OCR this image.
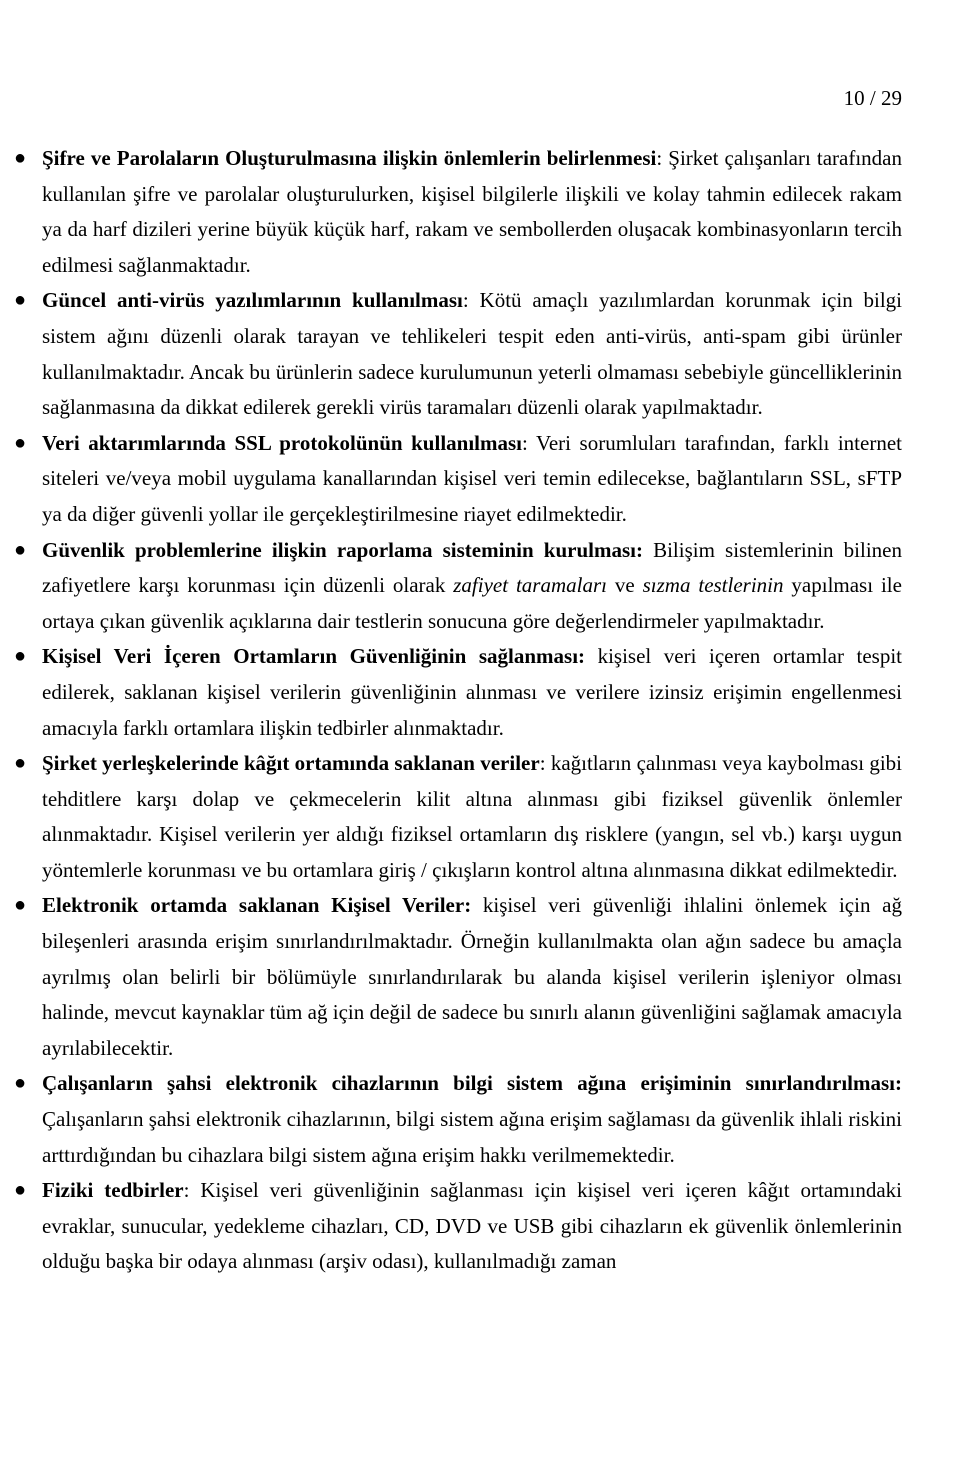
10 / 29
● Şifre ve Parolaların Oluşturulmasına ilişkin önlemlerin belirlenmesi: Şirket çalışanları tarafından kullanılan şifre ve parolalar oluşturulurken, kişisel bilgilerle ilişkili ve kolay tahmin edilecek rakam ya da harf dizileri yerine büyük küçük harf, rakam ve sembollerden oluşacak kombinasyonların tercih edilmesi sağlanmaktadır.
● Güncel anti-virüs yazılımlarının kullanılması: Kötü amaçlı yazılımlardan korunmak için bilgi sistem ağını düzenli olarak tarayan ve tehlikeleri tespit eden anti-virüs, anti-spam gibi ürünler kullanılmaktadır. Ancak bu ürünlerin sadece kurulumunun yeterli olmaması sebebiyle güncelliklerinin sağlanmasına da dikkat edilerek gerekli virüs taramaları düzenli olarak yapılmaktadır.
● Veri aktarımlarında SSL protokolünün kullanılması: Veri sorumluları tarafından, farklı internet siteleri ve/veya mobil uygulama kanallarından kişisel veri temin edilecekse, bağlantıların SSL, sFTP ya da diğer güvenli yollar ile gerçekleştirilmesine riayet edilmektedir.
● Güvenlik problemlerine ilişkin raporlama sisteminin kurulması: Bilişim sistemlerinin bilinen zafiyetlere karşı korunması için düzenli olarak zafiyet taramaları ve sızma testlerinin yapılması ile ortaya çıkan güvenlik açıklarına dair testlerin sonucuna göre değerlendirmeler yapılmaktadır.
● Kişisel Veri İçeren Ortamların Güvenliğinin sağlanması: kişisel veri içeren ortamlar tespit edilerek, saklanan kişisel verilerin güvenliğinin alınması ve verilere izinsiz erişimin engellenmesi amacıyla farklı ortamlara ilişkin tedbirler alınmaktadır.
● Şirket yerleşkelerinde kâğıt ortamında saklanan veriler: kağıtların çalınması veya kaybolması gibi tehditlere karşı dolap ve çekmecelerin kilit altına alınması gibi fiziksel güvenlik önlemler alınmaktadır. Kişisel verilerin yer aldığı fiziksel ortamların dış risklere (yangın, sel vb.) karşı uygun yöntemlerle korunması ve bu ortamlara giriş / çıkışların kontrol altına alınmasına dikkat edilmektedir.
● Elektronik ortamda saklanan Kişisel Veriler: kişisel veri güvenliği ihlalini önlemek için ağ bileşenleri arasında erişim sınırlandırılmaktadır. Örneğin kullanılmakta olan ağın sadece bu amaçla ayrılmış olan belirli bir bölümüyle sınırlandırılarak bu alanda kişisel verilerin işleniyor olması halinde, mevcut kaynaklar tüm ağ için değil de sadece bu sınırlı alanın güvenliğini sağlamak amacıyla ayrılabilecektir.
● Çalışanların şahsi elektronik cihazlarının bilgi sistem ağına erişiminin sınırlandırılması: Çalışanların şahsi elektronik cihazlarının, bilgi sistem ağına erişim sağlaması da güvenlik ihlali riskini arttırdığından bu cihazlara bilgi sistem ağına erişim hakkı verilmemektedir.
● Fiziki tedbirler: Kişisel veri güvenliğinin sağlanması için kişisel veri içeren kâğıt ortamındaki evraklar, sunucular, yedekleme cihazları, CD, DVD ve USB gibi cihazların ek güvenlik önlemlerinin olduğu başka bir odaya alınması (arşiv odası), kullanılmadığı zaman
